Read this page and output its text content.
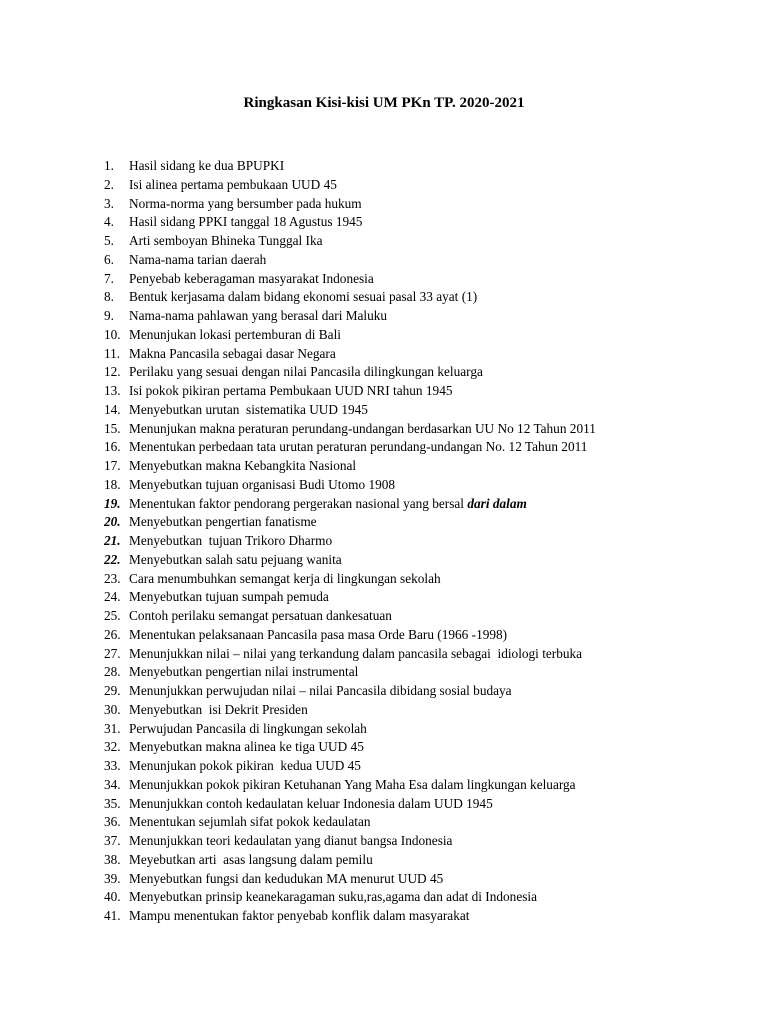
Ringkasan Kisi-kisi UM PKn TP. 2020-2021
1.	Hasil sidang ke dua BPUPKI
2.	Isi alinea pertama pembukaan UUD 45
3.	Norma-norma yang bersumber pada hukum
4.	Hasil sidang PPKI tanggal 18 Agustus 1945
5.	Arti semboyan Bhineka Tunggal Ika
6.	Nama-nama tarian daerah
7.	Penyebab keberagaman masyarakat Indonesia
8.	Bentuk kerjasama dalam bidang ekonomi sesuai pasal 33 ayat (1)
9.	Nama-nama pahlawan yang berasal dari Maluku
10. Menunjukan lokasi pertemburan di Bali
11. Makna Pancasila sebagai dasar Negara
12. Perilaku yang sesuai dengan nilai Pancasila dilingkungan keluarga
13. Isi pokok pikiran pertama Pembukaan UUD NRI tahun 1945
14. Menyebutkan urutan  sistematika UUD 1945
15. Menunjukan makna peraturan perundang-undangan berdasarkan UU No 12 Tahun 2011
16. Menentukan perbedaan tata urutan peraturan perundang-undangan No. 12 Tahun 2011
17. Menyebutkan makna Kebangkita Nasional
18. Menyebutkan tujuan organisasi Budi Utomo 1908
19. Menentukan faktor pendorang pergerakan nasional yang bersal dari dalam
20. Menyebutkan pengertian fanatisme
21. Menyebutkan  tujuan Trikoro Dharmo
22. Menyebutkan salah satu pejuang wanita
23. Cara menumbuhkan semangat kerja di lingkungan sekolah
24. Menyebutkan tujuan sumpah pemuda
25. Contoh perilaku semangat persatuan dankesatuan
26. Menentukan pelaksanaan Pancasila pasa masa Orde Baru (1966 -1998)
27. Menunjukkan nilai – nilai yang terkandung dalam pancasila sebagai  idiologi terbuka
28. Menyebutkan pengertian nilai instrumental
29. Menunjukkan perwujudan nilai – nilai Pancasila dibidang sosial budaya
30. Menyebutkan  isi Dekrit Presiden
31. Perwujudan Pancasila di lingkungan sekolah
32. Menyebutkan makna alinea ke tiga UUD 45
33. Menunjukan pokok pikiran  kedua UUD 45
34. Menunjukkan pokok pikiran Ketuhanan Yang Maha Esa dalam lingkungan keluarga
35. Menunjukkan contoh kedaulatan keluar Indonesia dalam UUD 1945
36. Menentukan sejumlah sifat pokok kedaulatan
37. Menunjukkan teori kedaulatan yang dianut bangsa Indonesia
38. Meyebutkan arti  asas langsung dalam pemilu
39. Menyebutkan fungsi dan kedudukan MA menurut UUD 45
40. Menyebutkan prinsip keanekaragaman suku,ras,agama dan adat di Indonesia
41. Mampu menentukan faktor penyebab konflik dalam masyarakat
